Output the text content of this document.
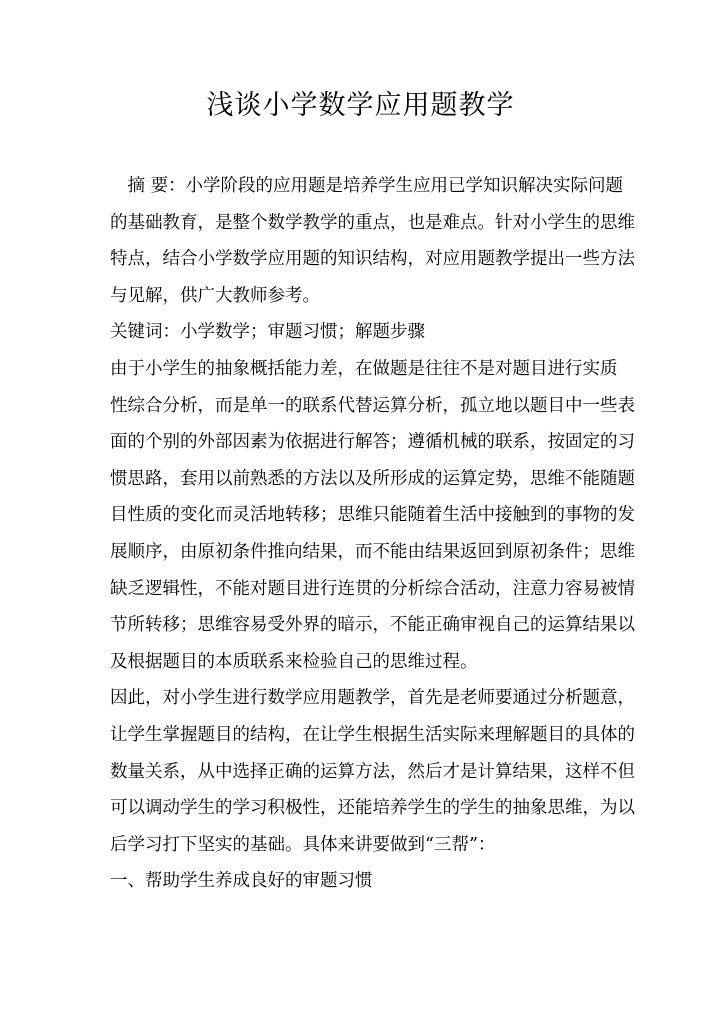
浅谈小学数学应用题教学
　摘 要：小学阶段的应用题是培养学生应用已学知识解决实际问题
的基础教育，是整个数学教学的重点，也是难点。针对小学生的思维
特点，结合小学数学应用题的知识结构，对应用题教学提出一些方法
与见解，供广大教师参考。
关键词：小学数学；审题习惯；解题步骤
由于小学生的抽象概括能力差，在做题是往往不是对题目进行实质
性综合分析，而是单一的联系代替运算分析，孤立地以题目中一些表
面的个别的外部因素为依据进行解答；遵循机械的联系，按固定的习
惯思路，套用以前熟悉的方法以及所形成的运算定势，思维不能随题
目性质的变化而灵活地转移；思维只能随着生活中接触到的事物的发
展顺序，由原初条件推向结果，而不能由结果返回到原初条件；思维
缺乏逻辑性，不能对题目进行连贯的分析综合活动，注意力容易被情
节所转移；思维容易受外界的暗示，不能正确审视自己的运算结果以
及根据题目的本质联系来检验自己的思维过程。
因此，对小学生进行数学应用题教学，首先是老师要通过分析题意，
让学生掌握题目的结构，在让学生根据生活实际来理解题目的具体的
数量关系，从中选择正确的运算方法，然后才是计算结果，这样不但
可以调动学生的学习积极性，还能培养学生的学生的抽象思维，为以
后学习打下坚实的基础。具体来讲要做到“三帮”：
一、帮助学生养成良好的审题习惯
